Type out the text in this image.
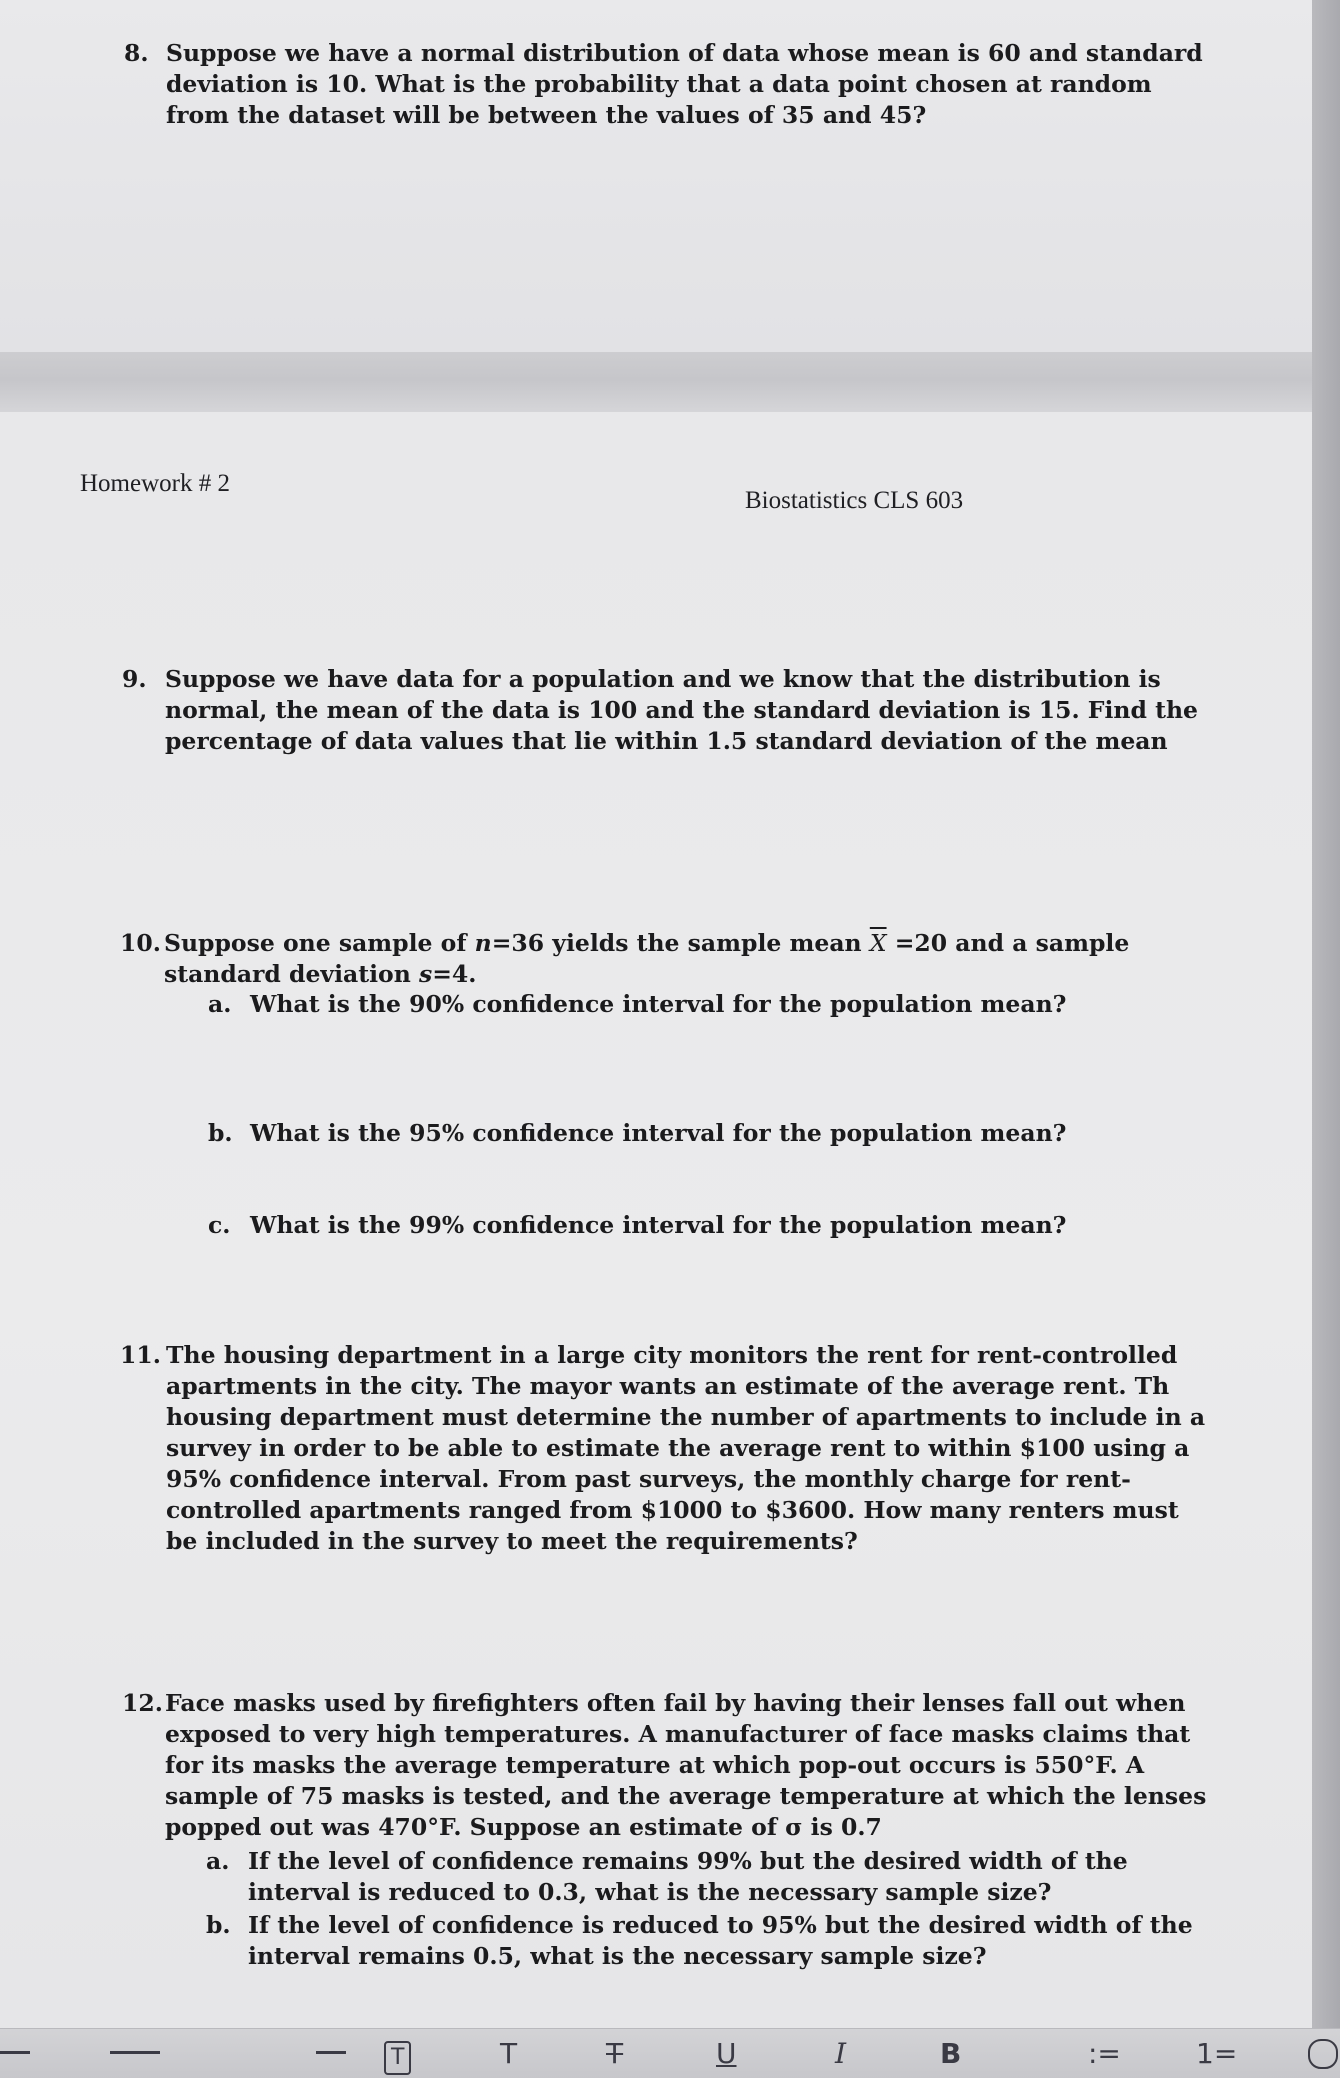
8. Suppose we have a normal distribution of data whose mean is 60 and standard
deviation is 10. What is the probability that a data point chosen at random
from the dataset will be between the values of 35 and 45?
Homework # 2
Biostatistics CLS 603
9. Suppose we have data for a population and we know that the distribution is
normal, the mean of the data is 100 and the standard deviation is 15. Find the
percentage of data values that lie within 1.5 standard deviation of the mean
10. Suppose one sample of n=36 yields the sample mean $\overline{X} =20$ and a sample
standard deviation s=4.
a. What is the 90% confidence interval for the population mean?
b. What is the 95% confidence interval for the population mean?
c. What is the 99% confidence interval for the population mean?
11. The housing department in a large city monitors the rent for rent-controlled
apartments in the city. The mayor wants an estimate of the average rent. Th
housing department must determine the number of apartments to include in a
survey in order to be able to estimate the average rent to within $100 using a
95% confidence interval. From past surveys, the monthly charge for rent-
controlled apartments ranged from $1000 to $3600. How many renters must
be included in the survey to meet the requirements?
12. Face masks used by firefighters often fail by having their lenses fall out when
exposed to very high temperatures. A manufacturer of face masks claims that
for its masks the average temperature at which pop-out occurs is 550°F. A
sample of 75 masks is tested, and the average temperature at which the lenses
popped out was 470°F. Suppose an estimate of σ is 0.7
a. If the level of confidence remains 99% but the desired width of the
interval is reduced to 0.3, what is the necessary sample size?
b. If the level of confidence is reduced to 95% but the desired width of the
interval remains 0.5, what is the necessary sample size?
T	T	T	U	I	B	:=	1=
